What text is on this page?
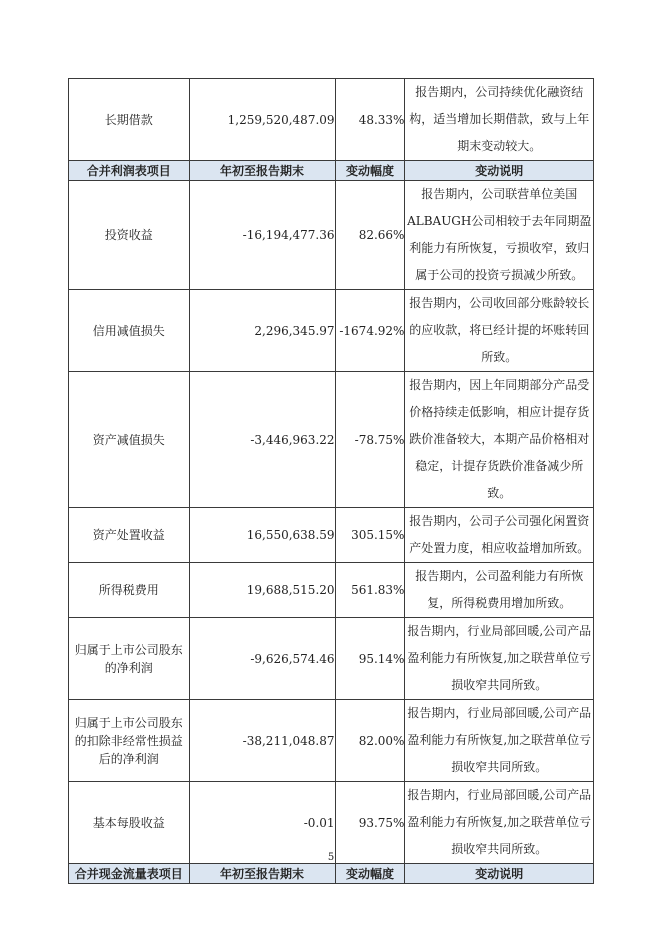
长期借款	1,259,520,487.09	48.33%	报告期内，公司持续优化融资结构，适当增加长期借款，致与上年期末变动较大。
合并利润表项目	年初至报告期末	变动幅度	变动说明
投资收益	-16,194,477.36	82.66%	报告期内，公司联营单位美国ALBAUGH公司相较于去年同期盈利能力有所恢复，亏损收窄，致归属于公司的投资亏损减少所致。
信用减值损失	2,296,345.97	-1674.92%	报告期内，公司收回部分账龄较长的应收款，将已经计提的坏账转回所致。
资产减值损失	-3,446,963.22	-78.75%	报告期内，因上年同期部分产品受价格持续走低影响，相应计提存货跌价准备较大，本期产品价格相对稳定，计提存货跌价准备减少所致。
资产处置收益	16,550,638.59	305.15%	报告期内，公司子公司强化闲置资产处置力度，相应收益增加所致。
所得税费用	19,688,515.20	561.83%	报告期内，公司盈利能力有所恢复，所得税费用增加所致。
归属于上市公司股东的净利润	-9,626,574.46	95.14%	报告期内，行业局部回暖,公司产品盈利能力有所恢复,加之联营单位亏损收窄共同所致。
归属于上市公司股东的扣除非经常性损益后的净利润	-38,211,048.87	82.00%	报告期内，行业局部回暖,公司产品盈利能力有所恢复,加之联营单位亏损收窄共同所致。
基本每股收益	-0.01	93.75%	报告期内，行业局部回暖,公司产品盈利能力有所恢复,加之联营单位亏损收窄共同所致。
合并现金流量表项目	年初至报告期末	变动幅度	变动说明
5
